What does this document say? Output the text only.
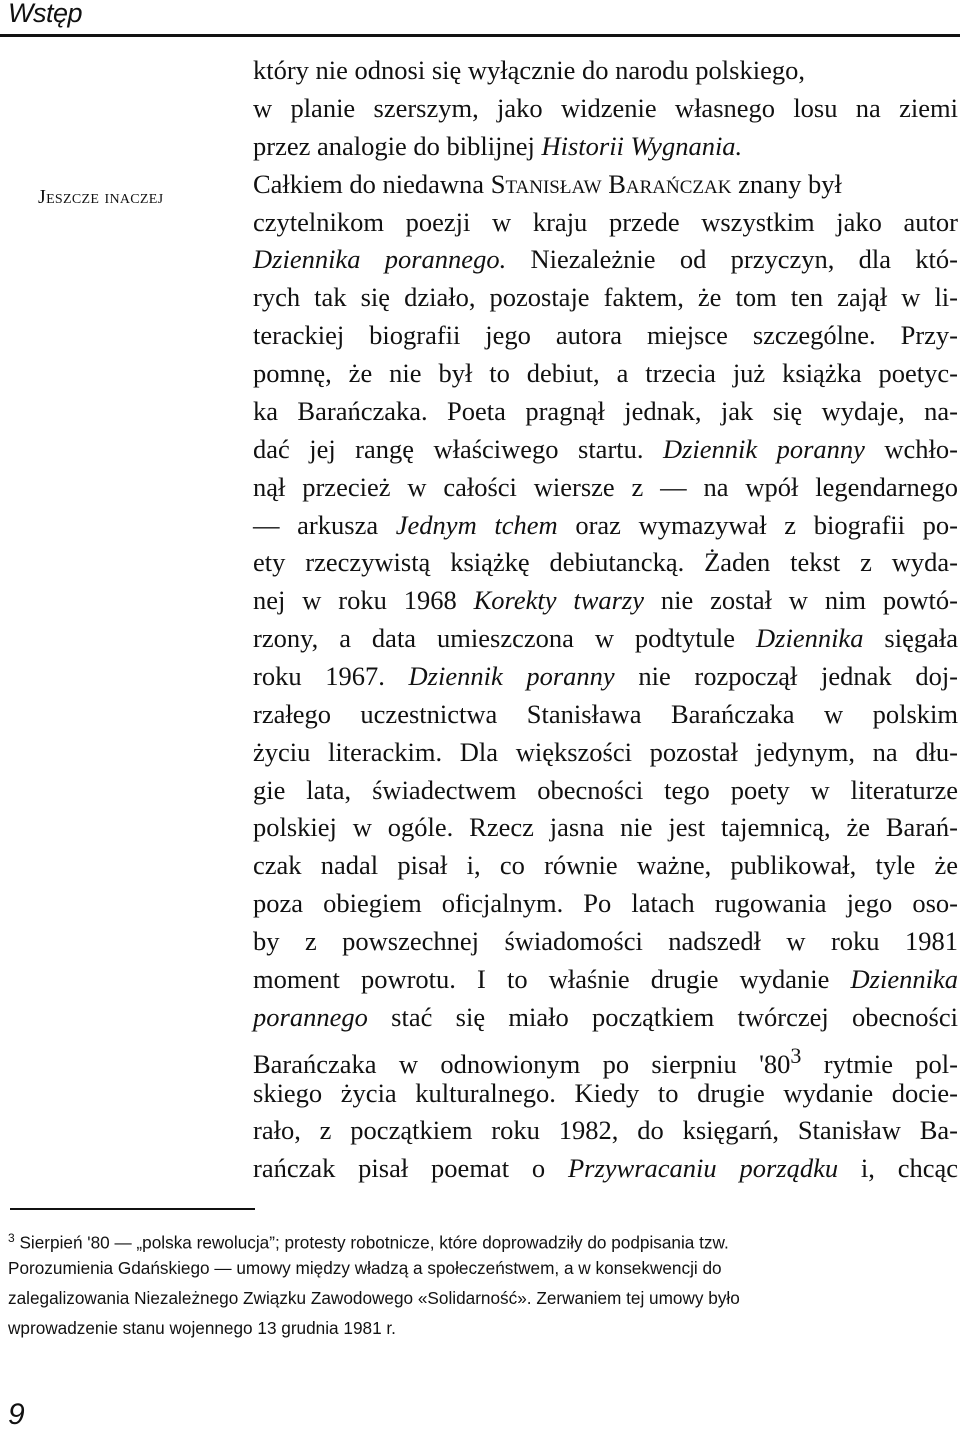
Wstęp
Jeszcze inaczej
który nie odnosi się wyłącznie do narodu polskiego,
w planie szerszym, jako widzenie własnego losu na ziemi
przez analogie do biblijnej Historii Wygnania.
Całkiem do niedawna Stanisław Barańczak znany był
czytelnikom poezji w kraju przede wszystkim jako autor
Dziennika porannego. Niezależnie od przyczyn, dla któ-
rych tak się działo, pozostaje faktem, że tom ten zajął w li-
terackiej biografii jego autora miejsce szczególne. Przy-
pomnę, że nie był to debiut, a trzecia już książka poetyc-
ka Barańczaka. Poeta pragnął jednak, jak się wydaje, na-
dać jej rangę właściwego startu. Dziennik poranny wchło-
nął przecież w całości wiersze z — na wpół legendarnego
— arkusza Jednym tchem oraz wymazywał z biografii po-
ety rzeczywistą książkę debiutancką. Żaden tekst z wyda-
nej w roku 1968 Korekty twarzy nie został w nim powtó-
rzony, a data umieszczona w podtytule Dziennika sięgała
roku 1967. Dziennik poranny nie rozpoczął jednak doj-
rzałego uczestnictwa Stanisława Barańczaka w polskim
życiu literackim. Dla większości pozostał jedynym, na dłu-
gie lata, świadectwem obecności tego poety w literaturze
polskiej w ogóle. Rzecz jasna nie jest tajemnicą, że Barań-
czak nadal pisał i, co równie ważne, publikował, tyle że
poza obiegiem oficjalnym. Po latach rugowania jego oso-
by z powszechnej świadomości nadszedł w roku 1981
moment powrotu. I to właśnie drugie wydanie Dziennika
porannego stać się miało początkiem twórczej obecności
Barańczaka w odnowionym po sierpniu '$80^3$ rytmie pol-
skiego życia kulturalnego. Kiedy to drugie wydanie docie-
rało, z początkiem roku 1982, do księgarń, Stanisław Ba-
rańczak pisał poemat o Przywracaniu porządku i, chcąc
$^3$ Sierpień '80 — „polska rewolucja”; protesty robotnicze, które doprowadziły do podpisania tzw.
Porozumienia Gdańskiego — umowy między władzą a społeczeństwem, a w konsekwencji do
zalegalizowania Niezależnego Związku Zawodowego «Solidarność». Zerwaniem tej umowy było
wprowadzenie stanu wojennego 13 grudnia 1981 r.
9
